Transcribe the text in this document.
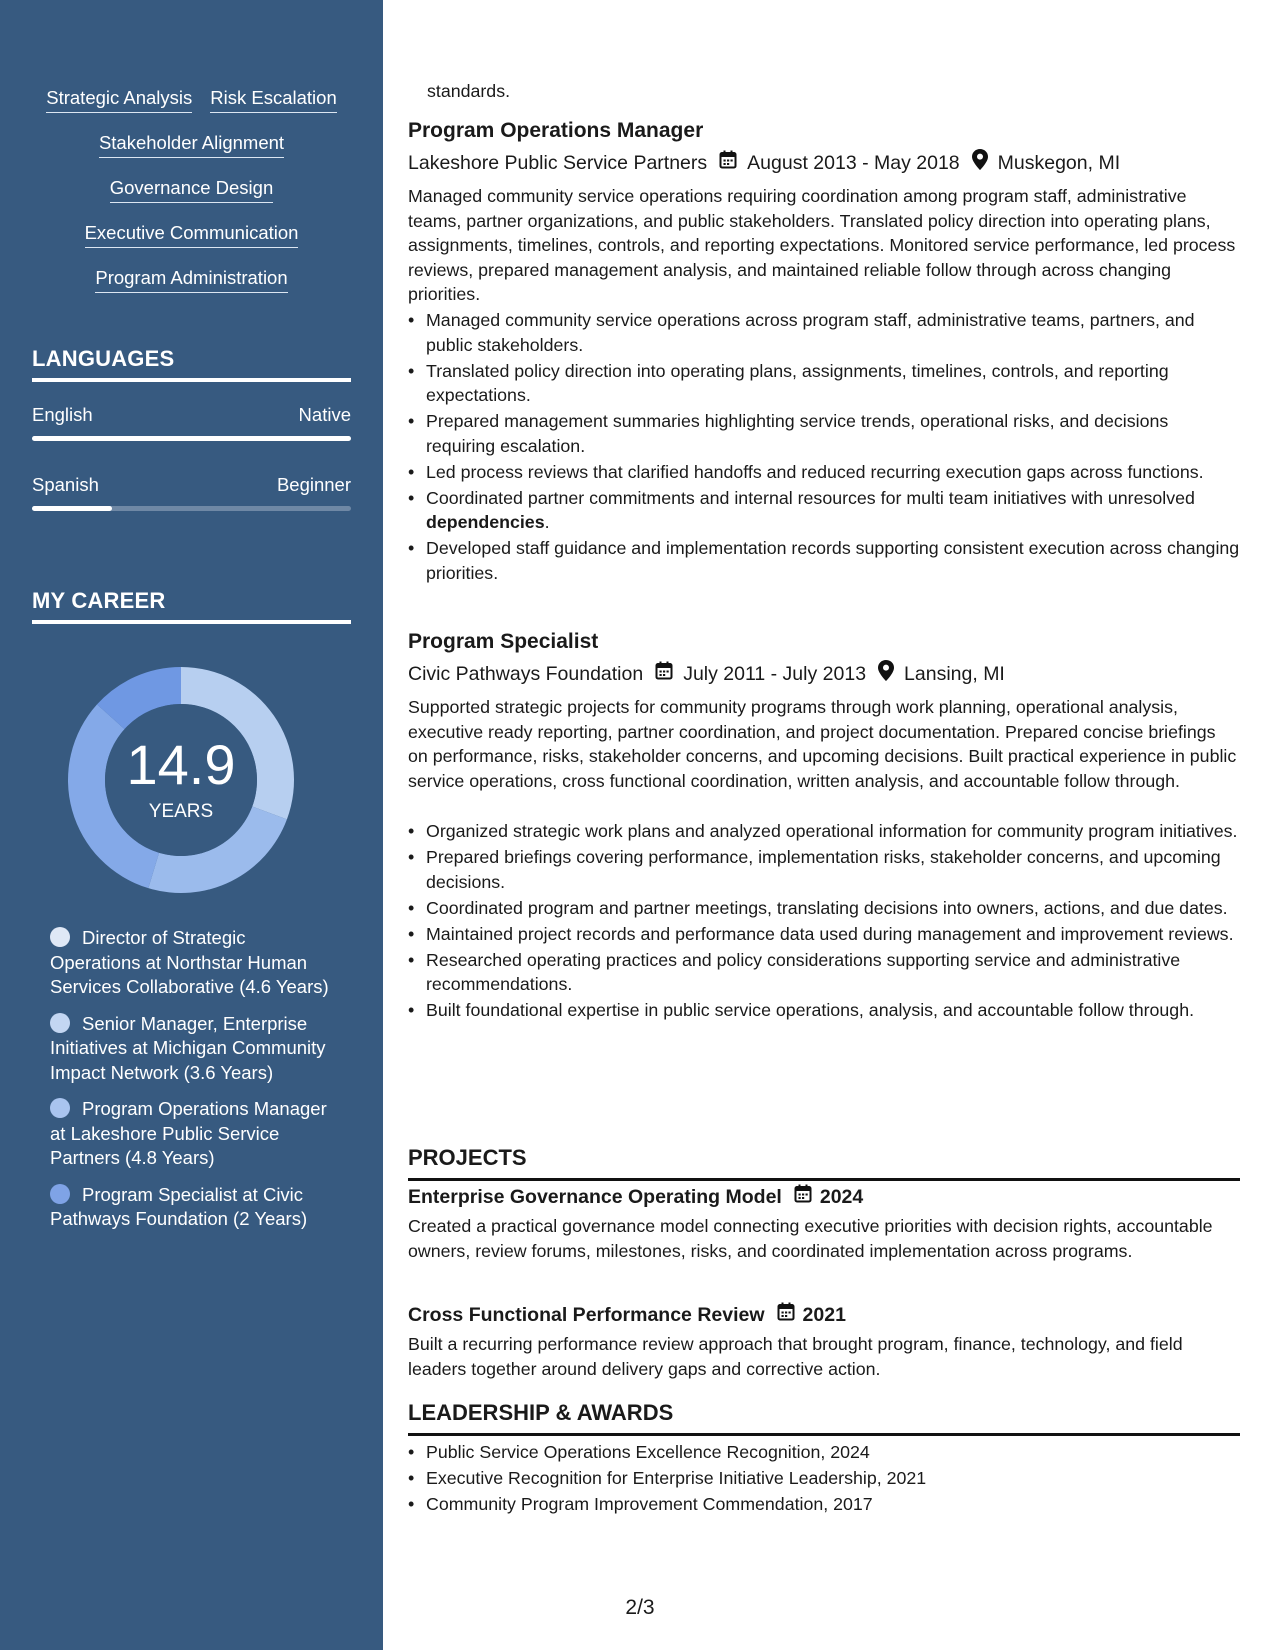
Strategic Analysis Risk Escalation
Stakeholder Alignment
Governance Design
Executive Communication
Program Administration
LANGUAGES
English	Native
Spanish	Beginner
MY CAREER
14.9
YEARS
Director of Strategic Operations at Northstar Human Services Collaborative (4.6 Years)
Senior Manager, Enterprise Initiatives at Michigan Community Impact Network (3.6 Years)
Program Operations Manager at Lakeshore Public Service Partners (4.8 Years)
Program Specialist at Civic Pathways Foundation (2 Years)
standards.
Program Operations Manager
Lakeshore Public Service Partners August 2013 - May 2018 Muskegon, MI
Managed community service operations requiring coordination among program staff, administrative teams, partner organizations, and public stakeholders. Translated policy direction into operating plans, assignments, timelines, controls, and reporting expectations. Monitored service performance, led process reviews, prepared management analysis, and maintained reliable follow through across changing priorities.
• Managed community service operations across program staff, administrative teams, partners, and public stakeholders.
• Translated policy direction into operating plans, assignments, timelines, controls, and reporting expectations.
• Prepared management summaries highlighting service trends, operational risks, and decisions requiring escalation.
• Led process reviews that clarified handoffs and reduced recurring execution gaps across functions.
• Coordinated partner commitments and internal resources for multi team initiatives with unresolved dependencies.
• Developed staff guidance and implementation records supporting consistent execution across changing priorities.
Program Specialist
Civic Pathways Foundation July 2011 - July 2013 Lansing, MI
Supported strategic projects for community programs through work planning, operational analysis, executive ready reporting, partner coordination, and project documentation. Prepared concise briefings on performance, risks, stakeholder concerns, and upcoming decisions. Built practical experience in public service operations, cross functional coordination, written analysis, and accountable follow through.
• Organized strategic work plans and analyzed operational information for community program initiatives.
• Prepared briefings covering performance, implementation risks, stakeholder concerns, and upcoming decisions.
• Coordinated program and partner meetings, translating decisions into owners, actions, and due dates.
• Maintained project records and performance data used during management and improvement reviews.
• Researched operating practices and policy considerations supporting service and administrative recommendations.
• Built foundational expertise in public service operations, analysis, and accountable follow through.
PROJECTS
Enterprise Governance Operating Model 2024
Created a practical governance model connecting executive priorities with decision rights, accountable owners, review forums, milestones, risks, and coordinated implementation across programs.
Cross Functional Performance Review 2021
Built a recurring performance review approach that brought program, finance, technology, and field leaders together around delivery gaps and corrective action.
LEADERSHIP & AWARDS
• Public Service Operations Excellence Recognition, 2024
• Executive Recognition for Enterprise Initiative Leadership, 2021
• Community Program Improvement Commendation, 2017
2/3
